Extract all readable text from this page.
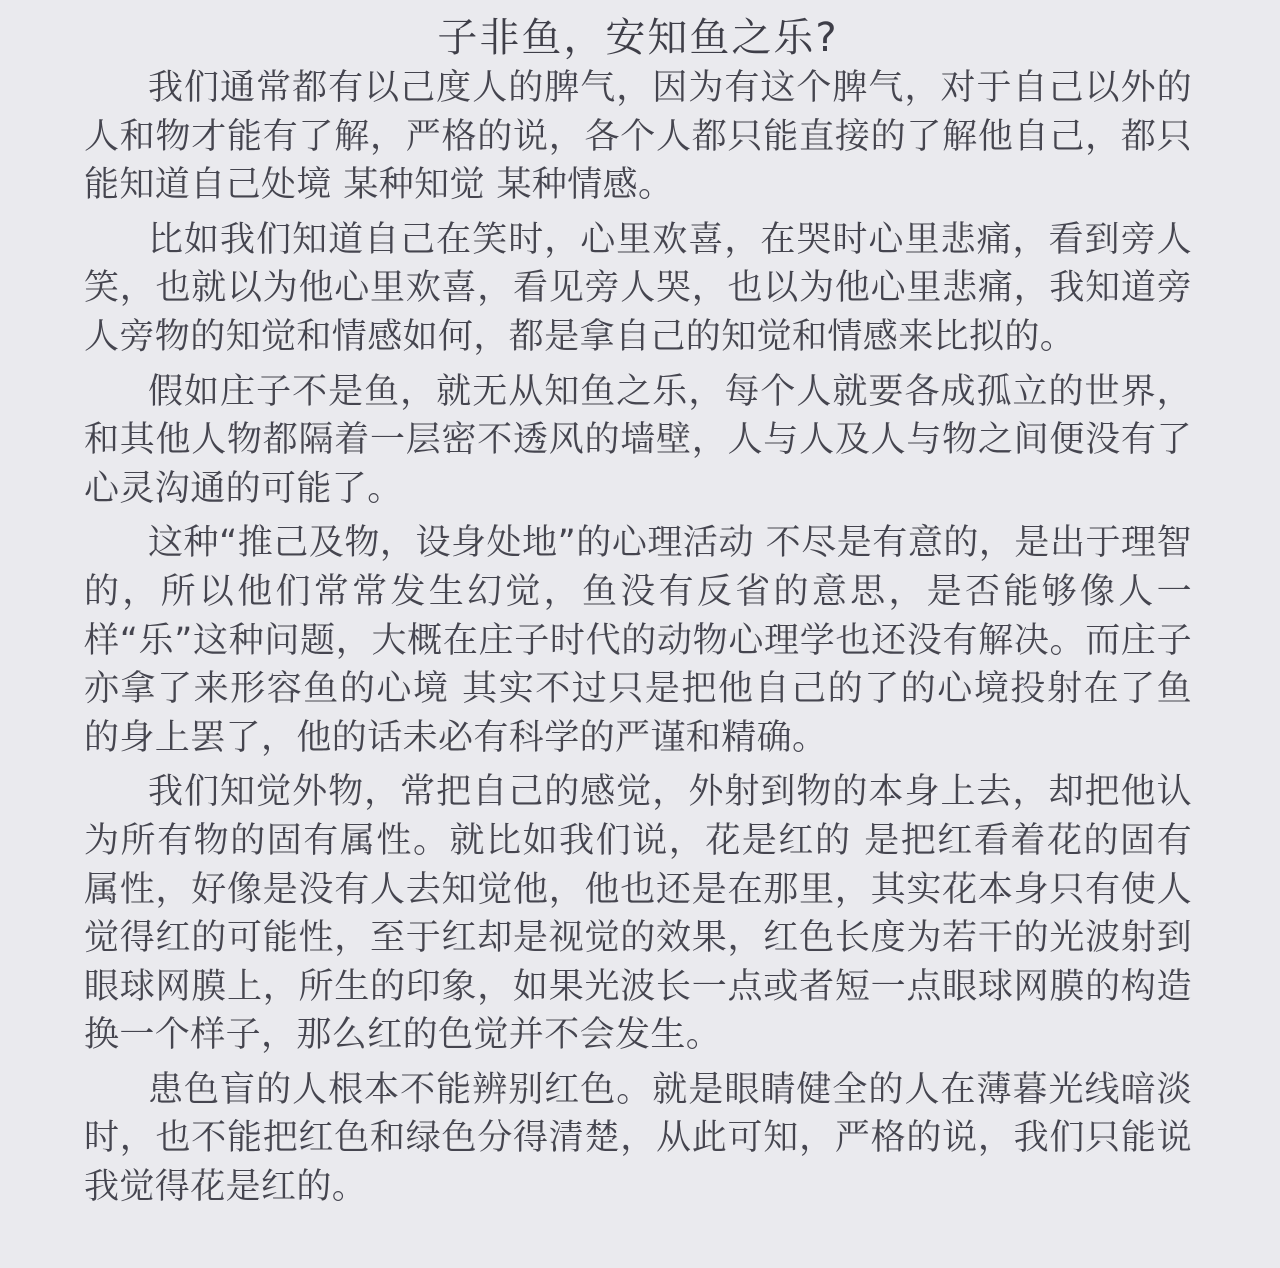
子非鱼，安知鱼之乐?

我们通常都有以己度人的脾气，因为有这个脾气，对于自己以外的人和物才能有了解，严格的说，各个人都只能直接的了解他自己，都只能知道自己处境 某种知觉 某种情感。

比如我们知道自己在笑时，心里欢喜，在哭时心里悲痛，看到旁人笑，也就以为他心里欢喜，看见旁人哭，也以为他心里悲痛，我知道旁人旁物的知觉和情感如何，都是拿自己的知觉和情感来比拟的。

假如庄子不是鱼，就无从知鱼之乐，每个人就要各成孤立的世界，和其他人物都隔着一层密不透风的墙壁，人与人及人与物之间便没有了心灵沟通的可能了。

这种“推己及物，设身处地”的心理活动 不尽是有意的，是出于理智的，所以他们常常发生幻觉，鱼没有反省的意思，是否能够像人一样“乐”这种问题，大概在庄子时代的动物心理学也还没有解决。而庄子亦拿了来形容鱼的心境 其实不过只是把他自己的了的心境投射在了鱼的身上罢了，他的话未必有科学的严谨和精确。

我们知觉外物，常把自己的感觉，外射到物的本身上去，却把他认为所有物的固有属性。就比如我们说，花是红的 是把红看着花的固有属性，好像是没有人去知觉他，他也还是在那里，其实花本身只有使人觉得红的可能性，至于红却是视觉的效果，红色长度为若干的光波射到眼球网膜上，所生的印象，如果光波长一点或者短一点眼球网膜的构造换一个样子，那么红的色觉并不会发生。

患色盲的人根本不能辨别红色。就是眼睛健全的人在薄暮光线暗淡时，也不能把红色和绿色分得清楚，从此可知，严格的说，我们只能说我觉得花是红的。
